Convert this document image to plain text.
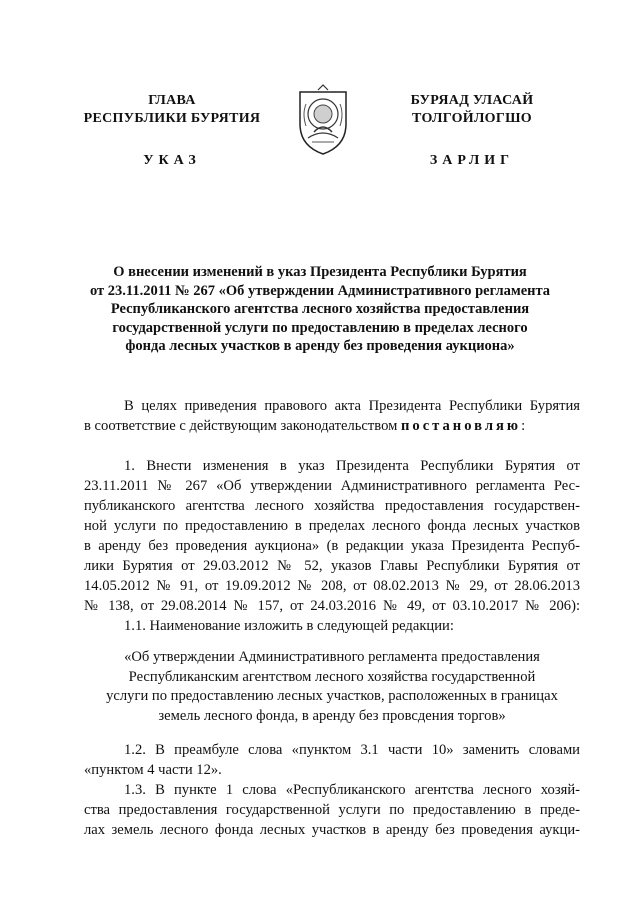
ГЛАВА
РЕСПУБЛИКИ БУРЯТИЯ
УКАЗ
БУРЯАД УЛАСАЙ
ТОЛГОЙЛОГШО
ЗАРЛИГ
О внесении изменений в указ Президента Республики Бурятия
от 23.11.2011 № 267 «Об утверждении Административного регламента
Республиканского агентства лесного хозяйства предоставления
государственной услуги по предоставлению в пределах лесного
фонда лесных участков в аренду без проведения аукциона»
В целях приведения правового акта Президента Республики Бурятия
в соответствие с действующим законодательством постановляю:
1. Внести изменения в указ Президента Республики Бурятия от
23.11.2011 № 267 «Об утверждении Административного регламента Рес-
публиканского агентства лесного хозяйства предоставления государствен-
ной услуги по предоставлению в пределах лесного фонда лесных участков
в аренду без проведения аукциона» (в редакции указа Президента Респуб-
лики Бурятия от 29.03.2012 № 52, указов Главы Республики Бурятия от
14.05.2012 № 91, от 19.09.2012 № 208, от 08.02.2013 № 29, от 28.06.2013
№ 138, от 29.08.2014 № 157, от 24.03.2016 № 49, от 03.10.2017 № 206):
1.1. Наименование изложить в следующей редакции:
«Об утверждении Административного регламента предоставления
Республиканским агентством лесного хозяйства государственной
услуги по предоставлению лесных участков, расположенных в границах
земель лесного фонда, в аренду без провсдения торгов»
1.2. В преамбуле слова «пунктом 3.1 части 10» заменить словами
«пунктом 4 части 12».
1.3. В пункте 1 слова «Республиканского агентства лесного хозяй-
ства предоставления государственной услуги по предоставлению в преде-
лах земель лесного фонда лесных участков в аренду без проведения аукци-
